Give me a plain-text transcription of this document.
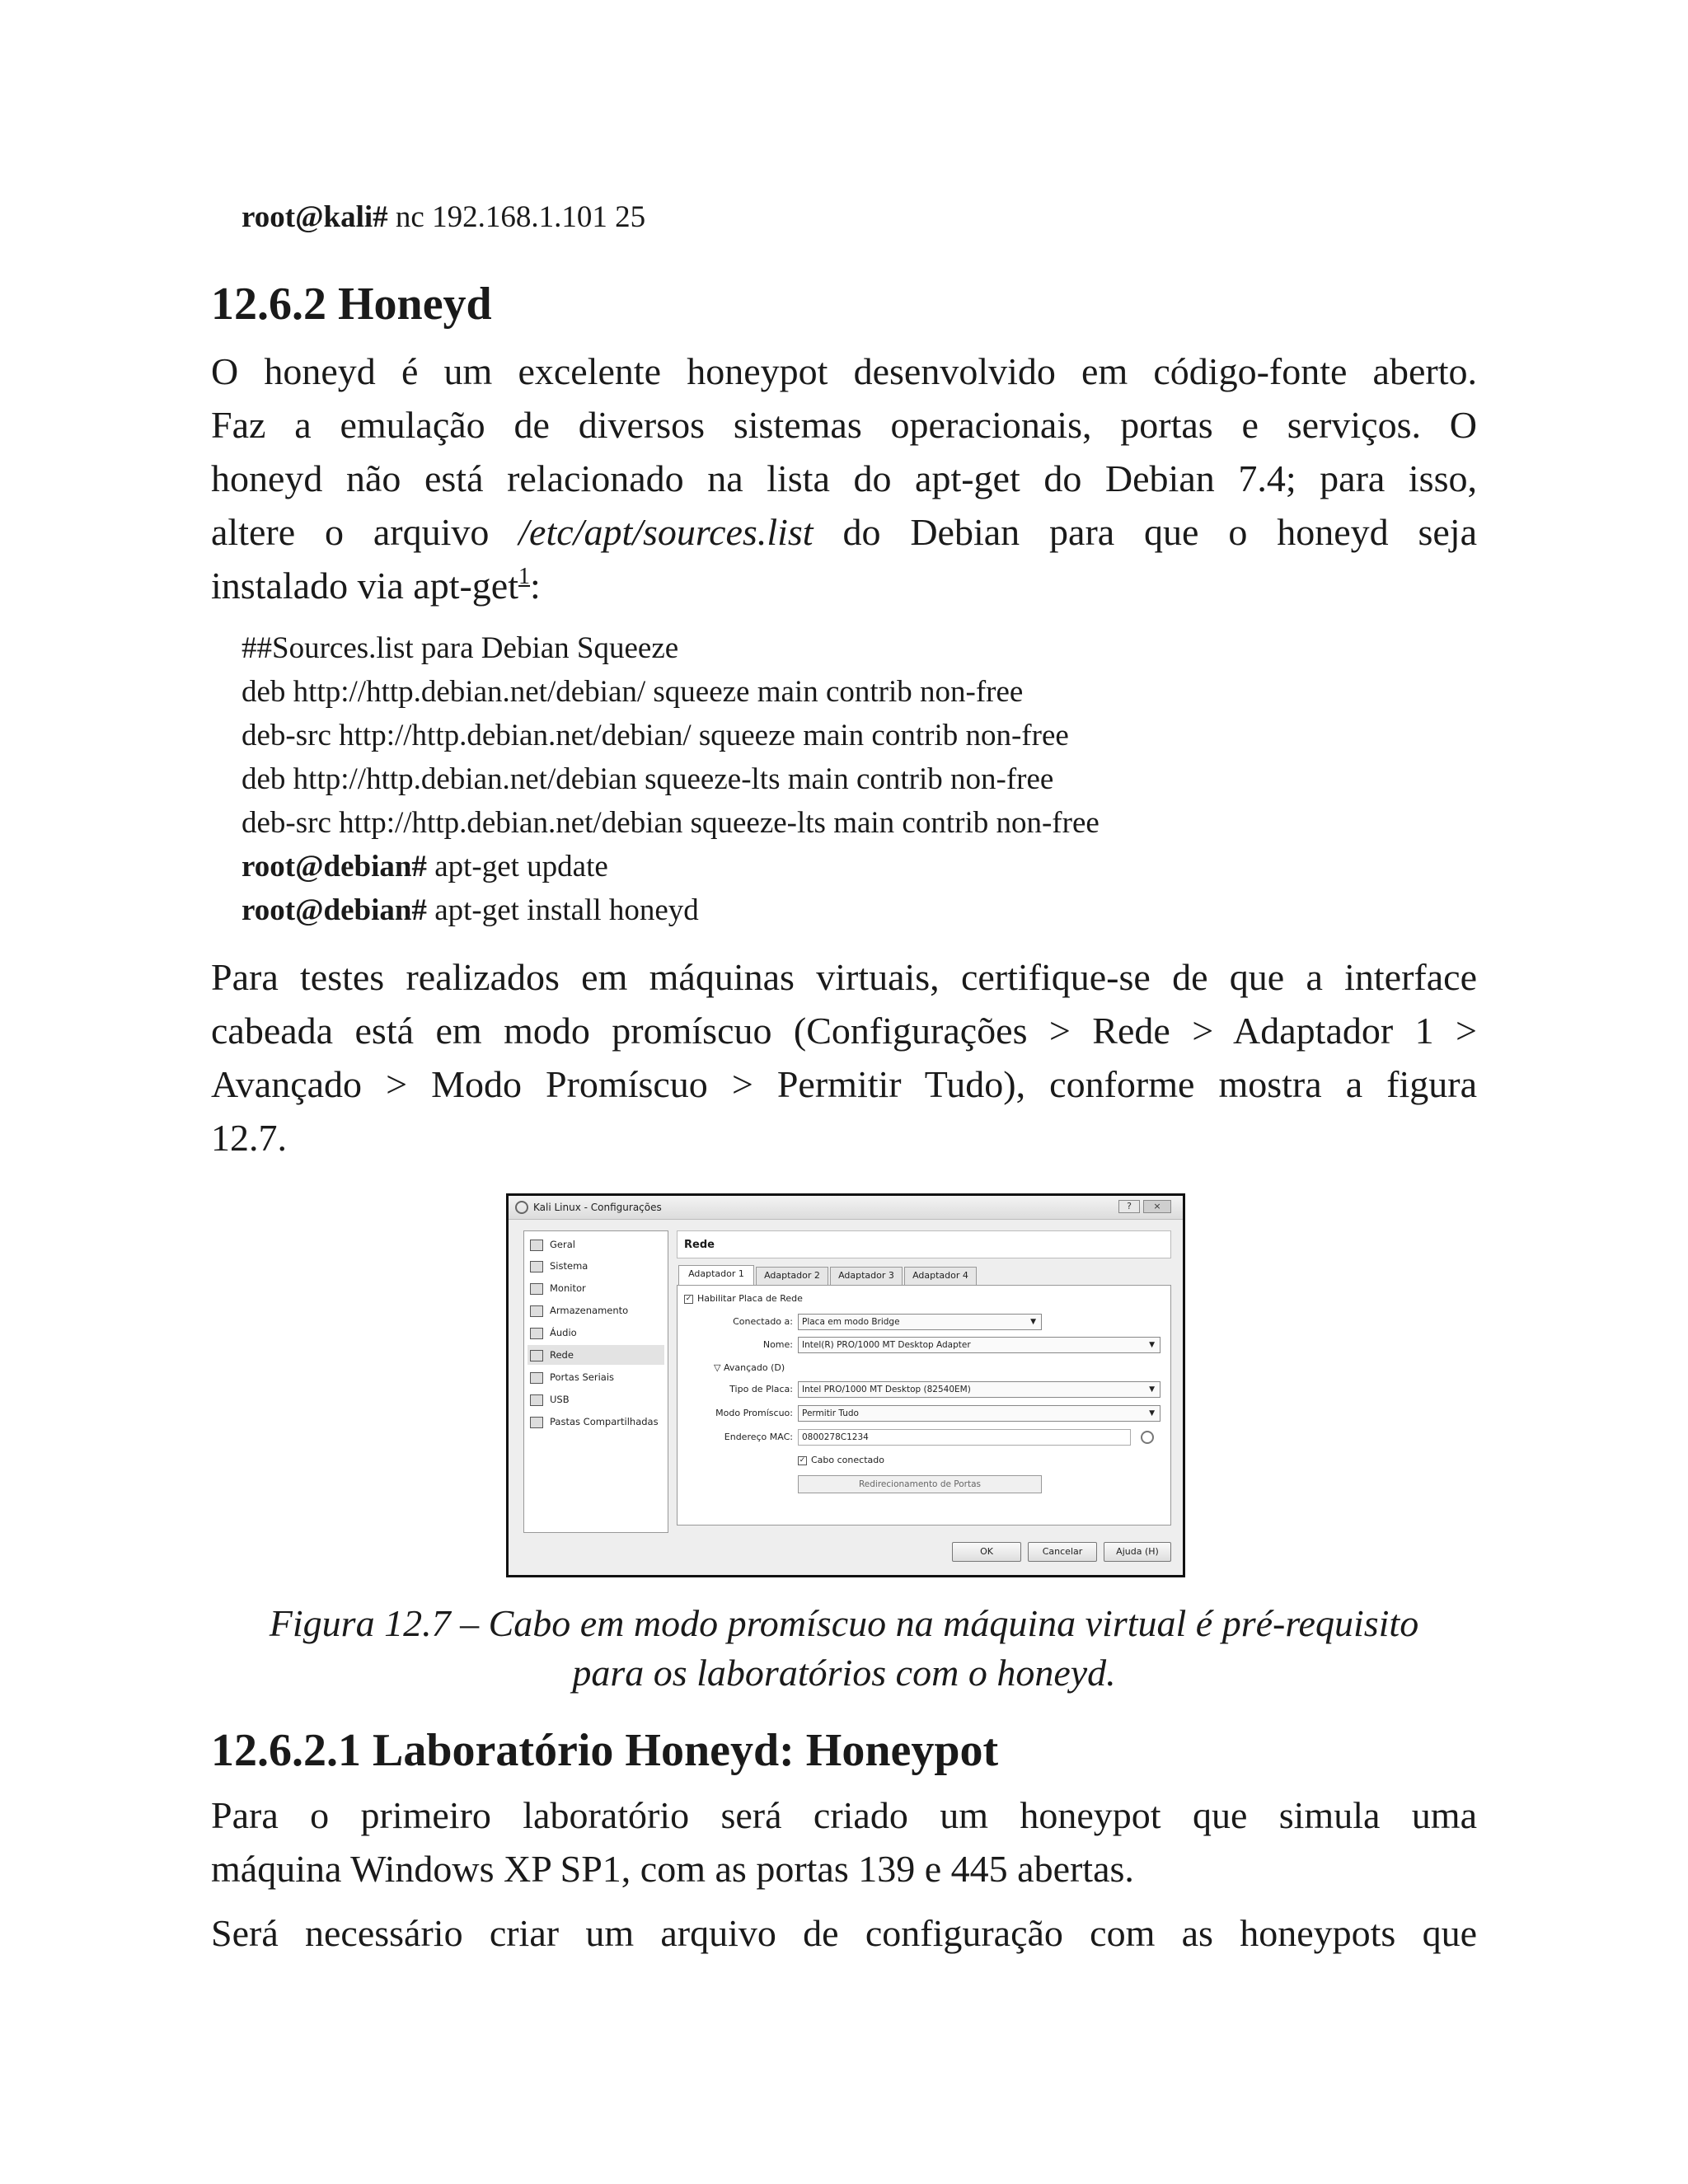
root@kali# nc 192.168.1.101 25
12.6.2 Honeyd
O honeyd é um excelente honeypot desenvolvido em código-fonte aberto.
Faz a emulação de diversos sistemas operacionais, portas e serviços. O
honeyd não está relacionado na lista do apt-get do Debian 7.4; para isso,
altere o arquivo /etc/apt/sources.list do Debian para que o honeyd seja
instalado via apt-get$^1$:
##Sources.list para Debian Squeeze
deb http://http.debian.net/debian/ squeeze main contrib non-free
deb-src http://http.debian.net/debian/ squeeze main contrib non-free
deb http://http.debian.net/debian squeeze-lts main contrib non-free
deb-src http://http.debian.net/debian squeeze-lts main contrib non-free
root@debian# apt-get update
root@debian# apt-get install honeyd
Para testes realizados em máquinas virtuais, certifique-se de que a interface
cabeada está em modo promíscuo (Configurações > Rede > Adaptador 1 >
Avançado > Modo Promíscuo > Permitir Tudo), conforme mostra a figura
12.7.
Kali Linux - Configurações	?	×
Geral
Sistema
Monitor
Armazenamento
Áudio
Rede
Portas Seriais
USB
Pastas Compartilhadas
Rede
Adaptador 1	Adaptador 2	Adaptador 3	Adaptador 4
✓ Habilitar Placa de Rede
Conectado a:	Placa em modo Bridge	▼
Nome:	Intel(R) PRO/1000 MT Desktop Adapter	▼
▽ Avançado (D)
Tipo de Placa:	Intel PRO/1000 MT Desktop (82540EM)	▼
Modo Promíscuo:	Permitir Tudo	▼
Endereço MAC:	0800278C1234
✓ Cabo conectado
Redirecionamento de Portas
OK	Cancelar	Ajuda (H)
Figura 12.7 – Cabo em modo promíscuo na máquina virtual é pré-requisito
para os laboratórios com o honeyd.
12.6.2.1 Laboratório Honeyd: Honeypot
Para o primeiro laboratório será criado um honeypot que simula uma
máquina Windows XP SP1, com as portas 139 e 445 abertas.
Será necessário criar um arquivo de configuração com as honeypots que
